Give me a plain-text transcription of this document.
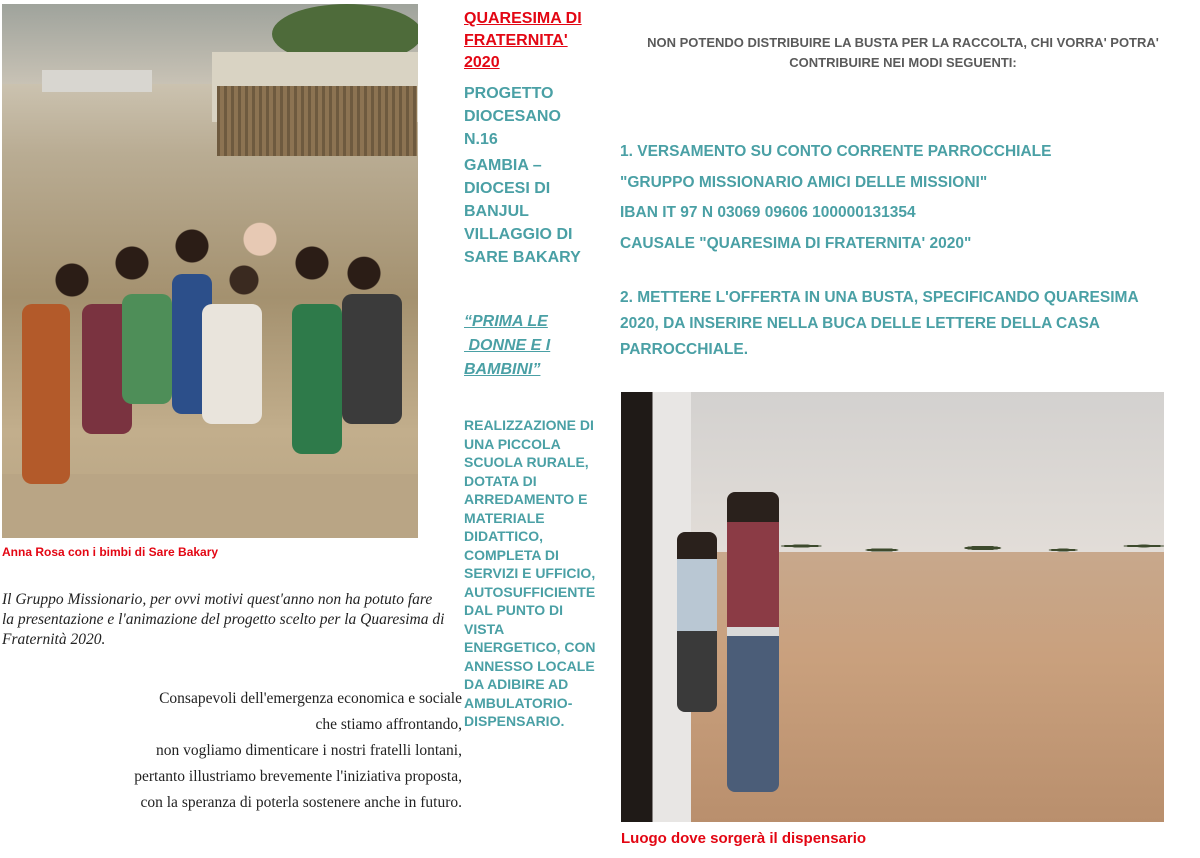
Anna Rosa con i bimbi di Sare Bakary
Il Gruppo Missionario, per ovvi motivi quest'anno non ha potuto fare la presentazione e l'animazione del progetto scelto per la Quaresima di Fraternità 2020.
Consapevoli dell'emergenza economica e sociale
che stiamo affrontando,
non vogliamo dimenticare i nostri fratelli lontani,
pertanto illustriamo brevemente l'iniziativa proposta,
con la speranza di poterla sostenere anche in futuro.
QUARESIMA DI
FRATERNITA'
2020
PROGETTO
DIOCESANO
N.16
GAMBIA –
DIOCESI DI
BANJUL
VILLAGGIO DI
SARE BAKARY
“PRIMA LE
DONNE E I
BAMBINI”
REALIZZAZIONE DI
UNA PICCOLA
SCUOLA RURALE,
DOTATA DI
ARREDAMENTO E
MATERIALE
DIDATTICO,
COMPLETA DI
SERVIZI E UFFICIO,
AUTOSUFFICIENTE
DAL PUNTO DI
VISTA
ENERGETICO, CON
ANNESSO LOCALE
DA ADIBIRE AD
AMBULATORIO-
DISPENSARIO.
NON POTENDO DISTRIBUIRE LA BUSTA PER LA RACCOLTA, CHI VORRA' POTRA'
CONTRIBUIRE NEI MODI SEGUENTI:
1. VERSAMENTO SU CONTO CORRENTE PARROCCHIALE
"GRUPPO MISSIONARIO AMICI DELLE MISSIONI"
IBAN IT 97 N 03069 09606 100000131354
CAUSALE "QUARESIMA DI FRATERNITA' 2020"
2. METTERE L'OFFERTA IN UNA BUSTA, SPECIFICANDO QUARESIMA
2020, DA INSERIRE NELLA BUCA DELLE LETTERE DELLA CASA
PARROCCHIALE.
Luogo dove sorgerà il dispensario
